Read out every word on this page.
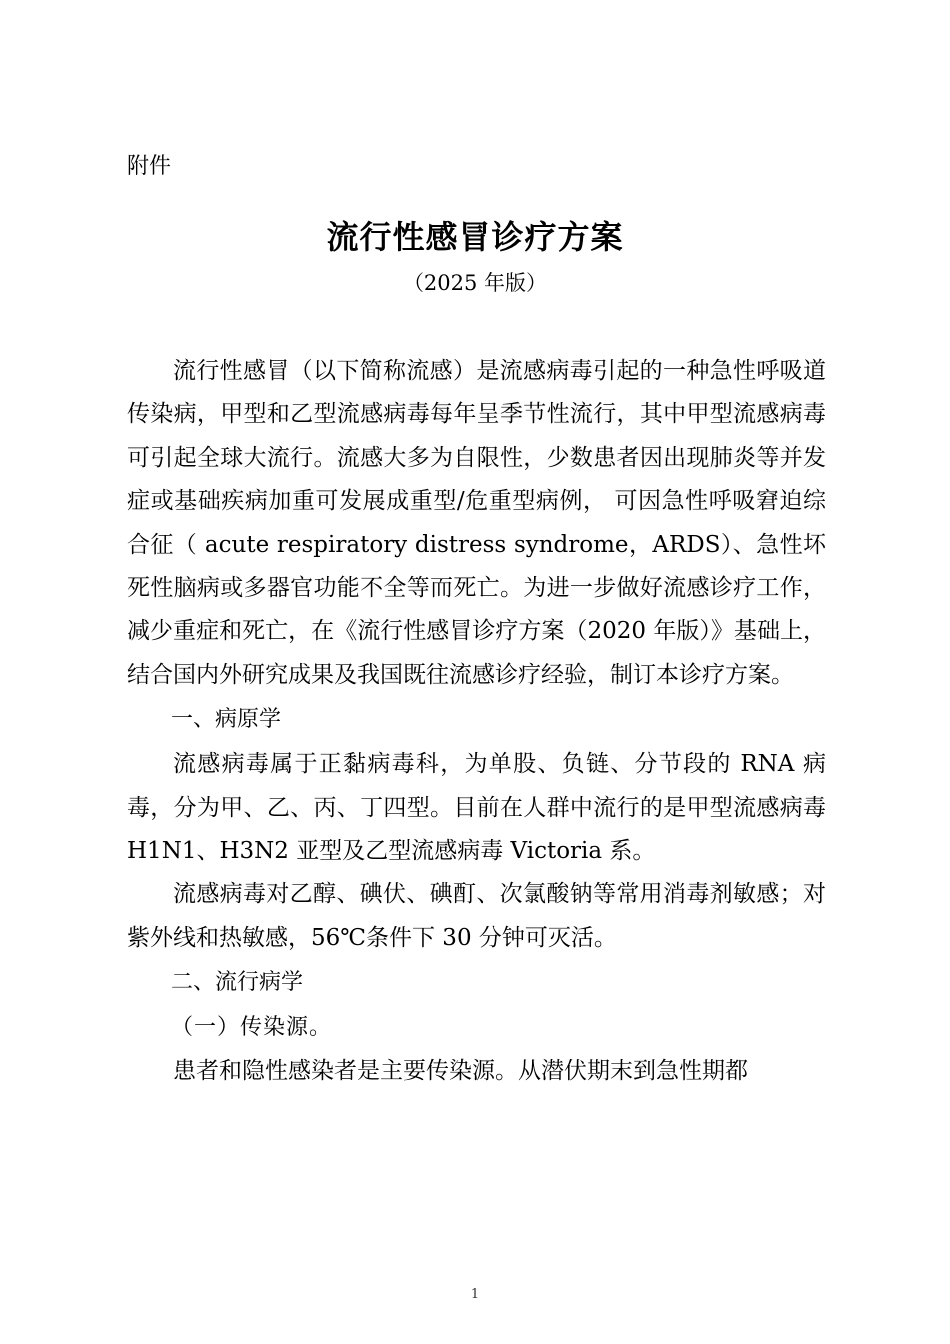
附件
流行性感冒诊疗方案
（2025 年版）

流行性感冒（以下简称流感）是流感病毒引起的一种急性呼吸道传染病，甲型和乙型流感病毒每年呈季节性流行，其中甲型流感病毒可引起全球大流行。流感大多为自限性，少数患者因出现肺炎等并发症或基础疾病加重可发展成重型/危重型病例， 可因急性呼吸窘迫综合征（ acute respiratory distress syndrome，ARDS）、急性坏死性脑病或多器官功能不全等而死亡。为进一步做好流感诊疗工作，减少重症和死亡，在《流行性感冒诊疗方案（2020 年版）》基础上，结合国内外研究成果及我国既往流感诊疗经验，制订本诊疗方案。

一、病原学

流感病毒属于正黏病毒科，为单股、负链、分节段的 RNA 病毒，分为甲、乙、丙、丁四型。目前在人群中流行的是甲型流感病毒 H1N1、H3N2 亚型及乙型流感病毒 Victoria 系。

流感病毒对乙醇、碘伏、碘酊、次氯酸钠等常用消毒剂敏感；对紫外线和热敏感，56℃条件下 30 分钟可灭活。

二、流行病学

（一）传染源。

患者和隐性感染者是主要传染源。从潜伏期末到急性期都

1
